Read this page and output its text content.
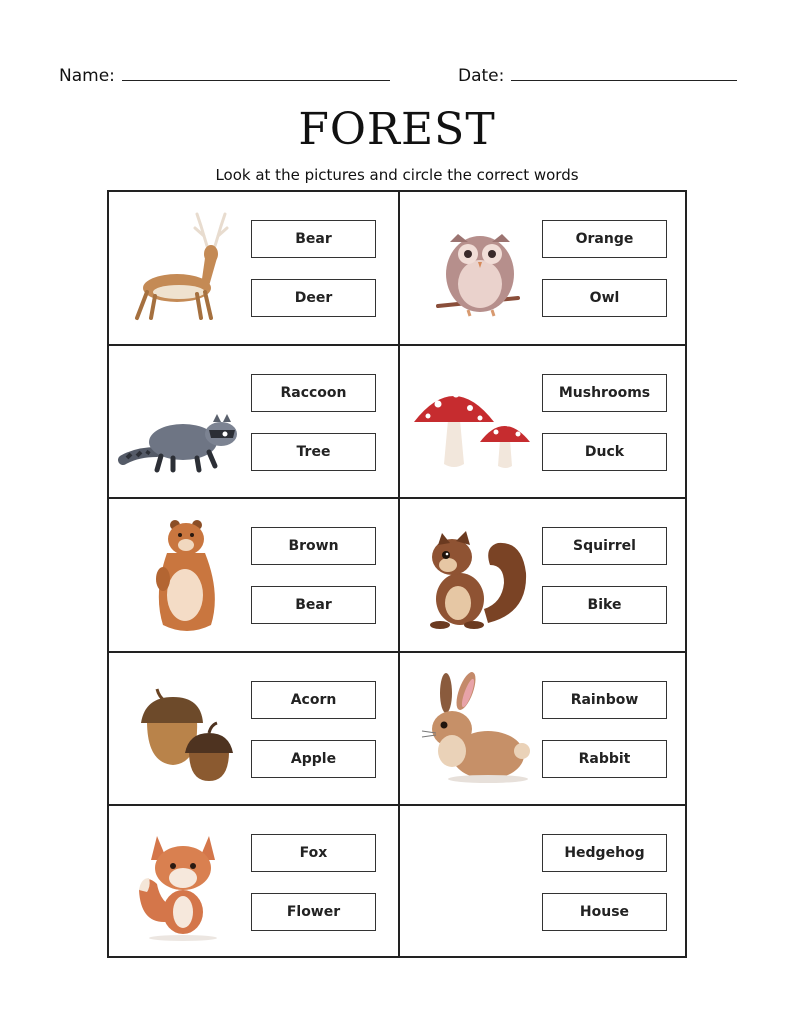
Name:	Date:
FOREST
Look at the pictures and circle the correct words
Bear
Deer
Orange
Owl
Raccoon
Tree
Mushrooms
Duck
Brown
Bear
Squirrel
Bike
Acorn
Apple
Rainbow
Rabbit
Fox
Flower
Hedgehog
House
